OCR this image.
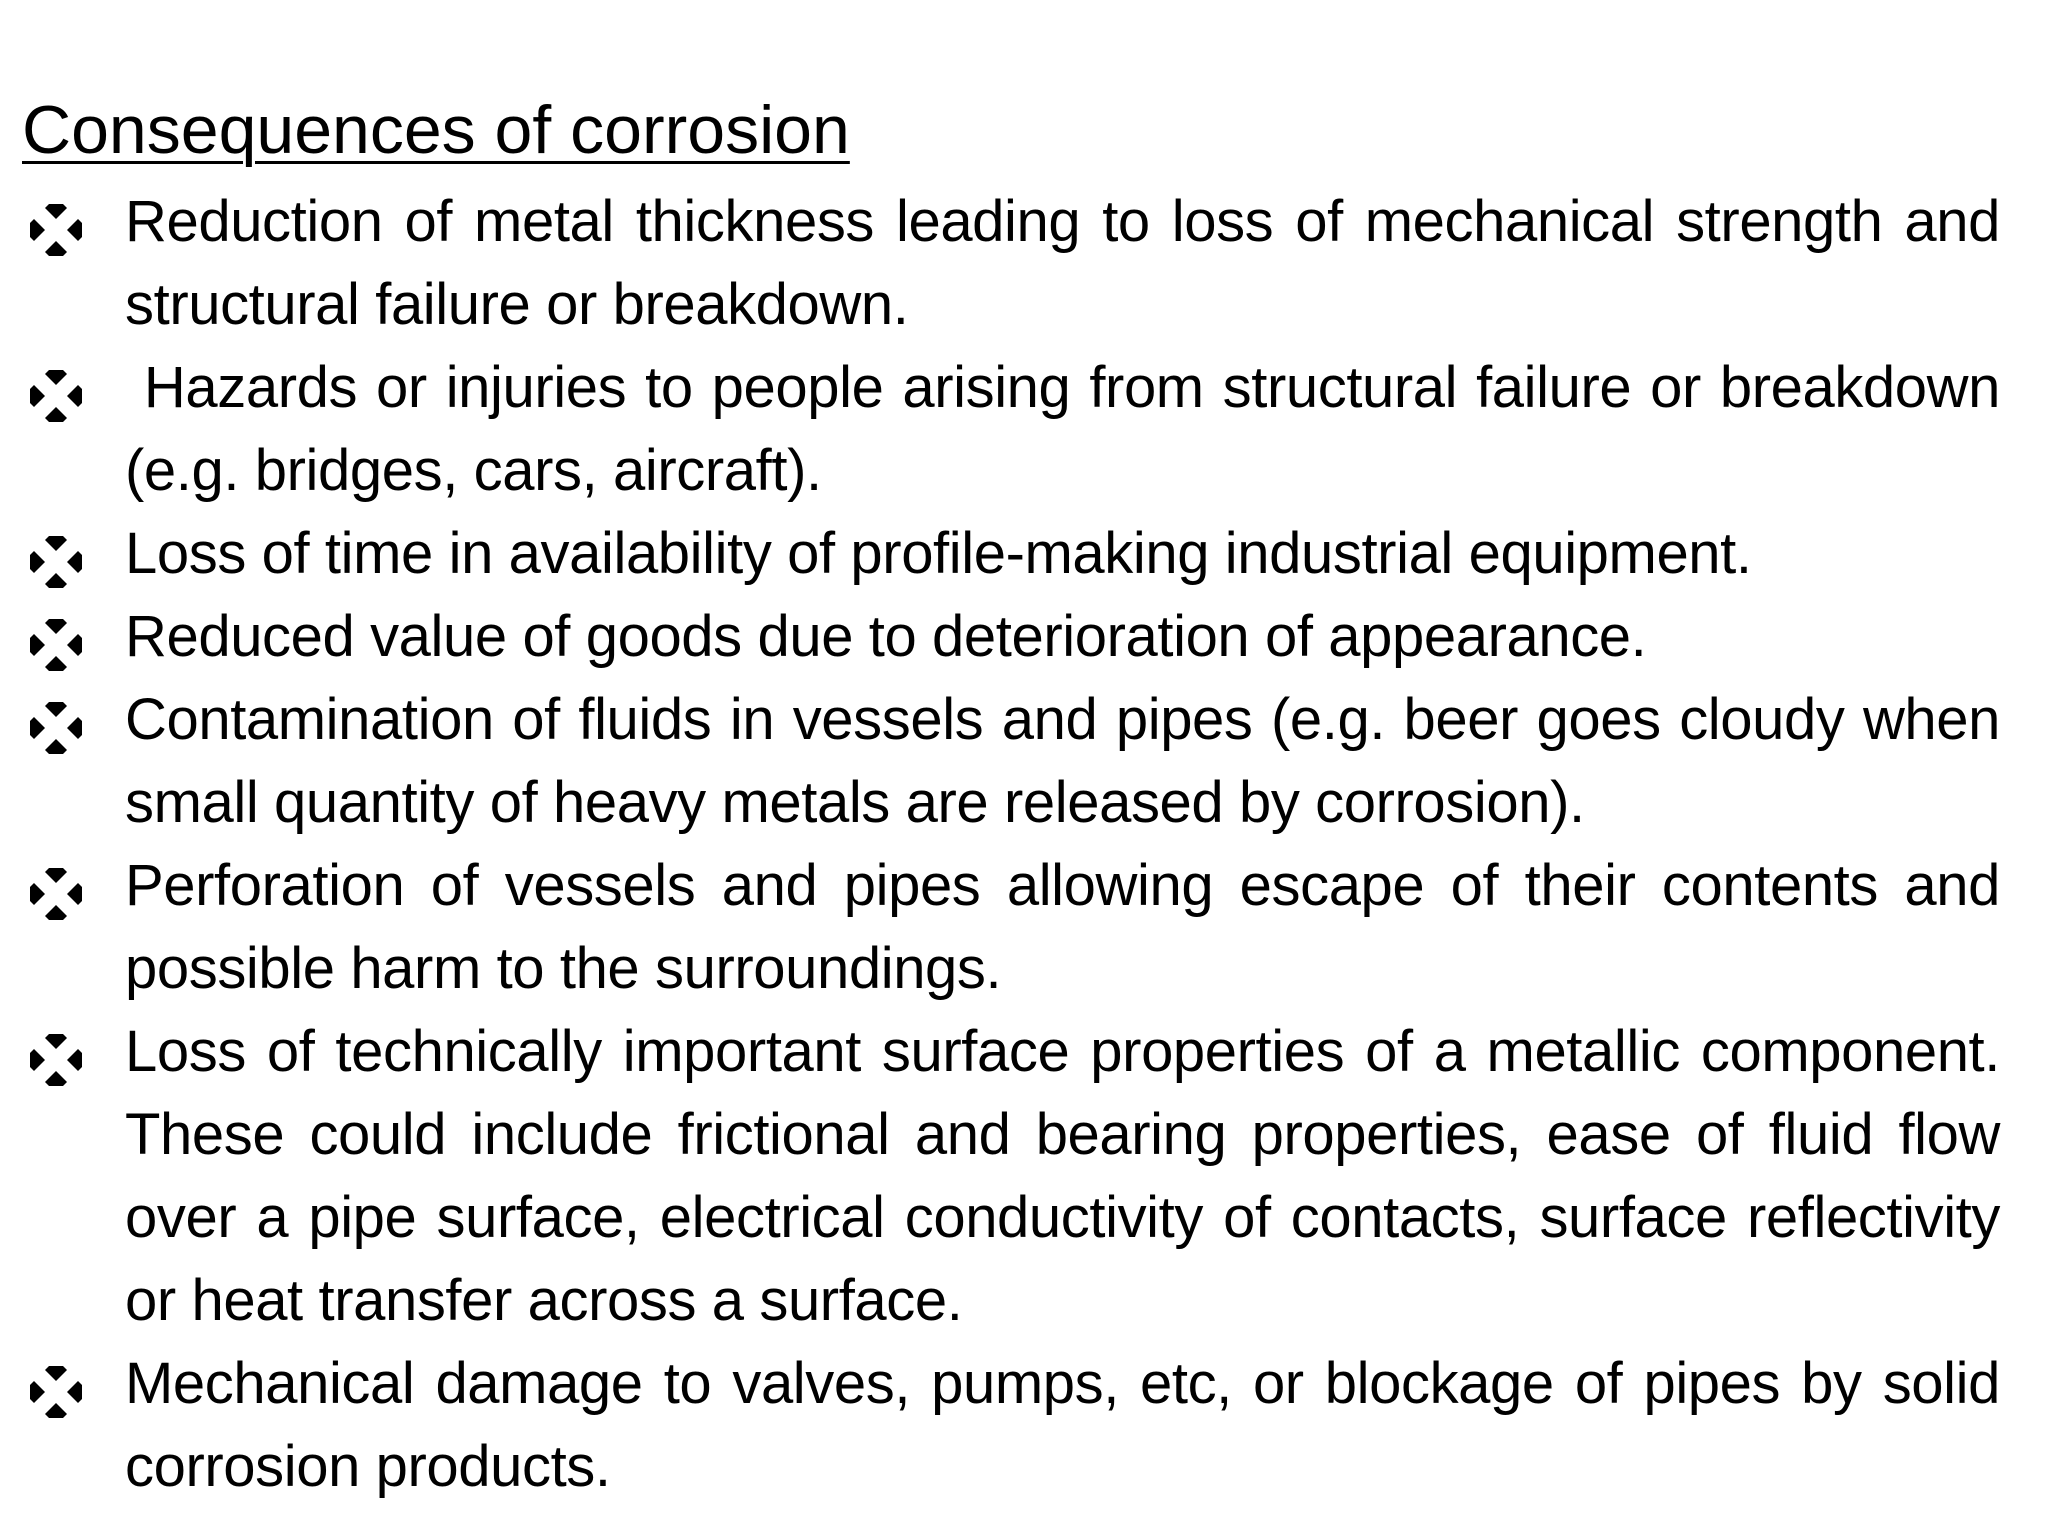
Consequences of corrosion
Reduction of metal thickness leading to loss of mechanical strength and structural failure or breakdown.
Hazards or injuries to people arising from structural failure or breakdown (e.g. bridges, cars, aircraft).
Loss of time in availability of profile-making industrial equipment.
Reduced value of goods due to deterioration of appearance.
Contamination of fluids in vessels and pipes (e.g. beer goes cloudy when small quantity of heavy metals are released by corrosion).
Perforation of vessels and pipes allowing escape of their contents and possible harm to the surroundings.
Loss of technically important surface properties of a metallic component. These could include frictional and bearing properties, ease of fluid flow over a pipe surface, electrical conductivity of contacts, surface reflectivity or heat transfer across a surface.
Mechanical damage to valves, pumps, etc, or blockage of pipes by solid corrosion products.
